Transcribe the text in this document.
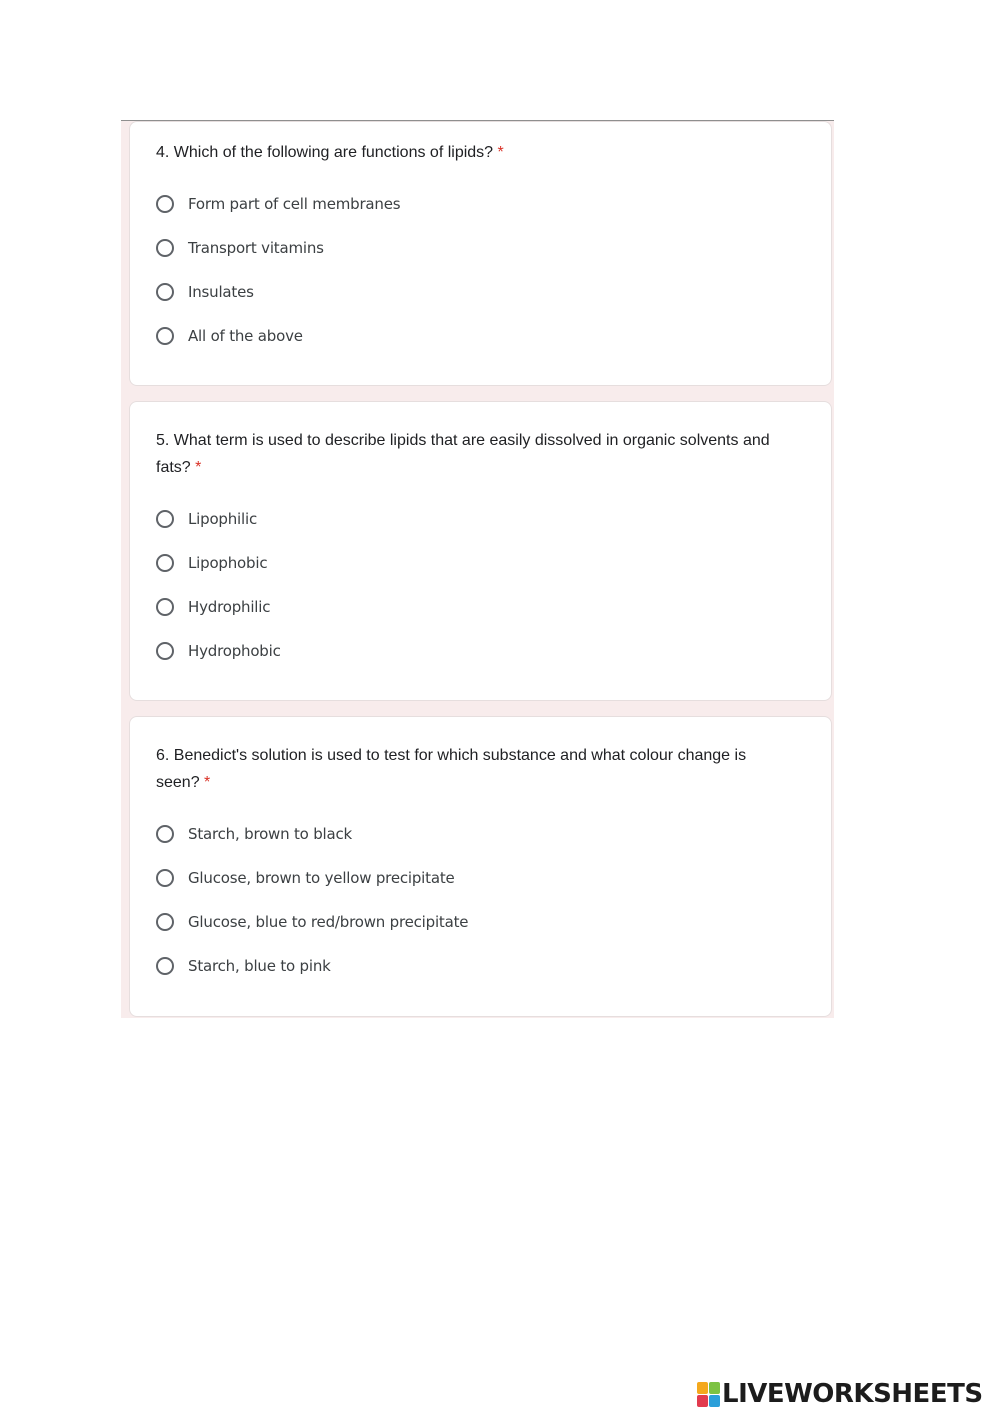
4. Which of the following are functions of lipids? *
Form part of cell membranes
Transport vitamins
Insulates
All of the above
5. What term is used to describe lipids that are easily dissolved in organic solvents and fats? *
Lipophilic
Lipophobic
Hydrophilic
Hydrophobic
6. Benedict's solution is used to test for which substance and what colour change is seen? *
Starch, brown to black
Glucose, brown to yellow precipitate
Glucose, blue to red/brown precipitate
Starch, blue to pink
LIVEWORKSHEETS
